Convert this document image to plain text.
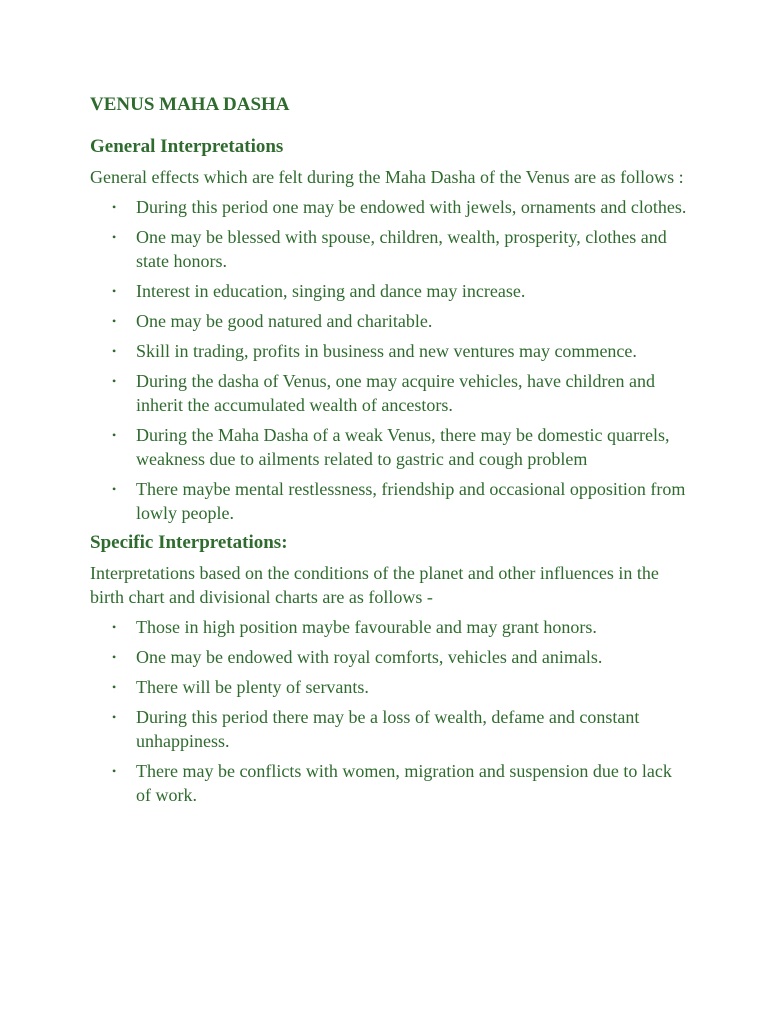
VENUS MAHA DASHA
General Interpretations

General effects which are felt during the Maha Dasha of the Venus are as follows :

• During this period one may be endowed with jewels, ornaments and clothes.
• One may be blessed with spouse, children, wealth, prosperity, clothes and state honors.
• Interest in education, singing and dance may increase.
• One may be good natured and charitable.
• Skill in trading, profits in business and new ventures may commence.
• During the dasha of Venus, one may acquire vehicles, have children and inherit the accumulated wealth of ancestors.
• During the Maha Dasha of a weak Venus, there may be domestic quarrels, weakness due to ailments related to gastric and cough problem
• There maybe mental restlessness, friendship and occasional opposition from lowly people.
Specific Interpretations:

Interpretations based on the conditions of the planet and other influences in the birth chart and divisional charts are as follows -

• Those in high position maybe favourable and may grant honors.
• One may be endowed with royal comforts, vehicles and animals.
• There will be plenty of servants.
• During this period there may be a loss of wealth, defame and constant unhappiness.
• There may be conflicts with women, migration and suspension due to lack of work.
